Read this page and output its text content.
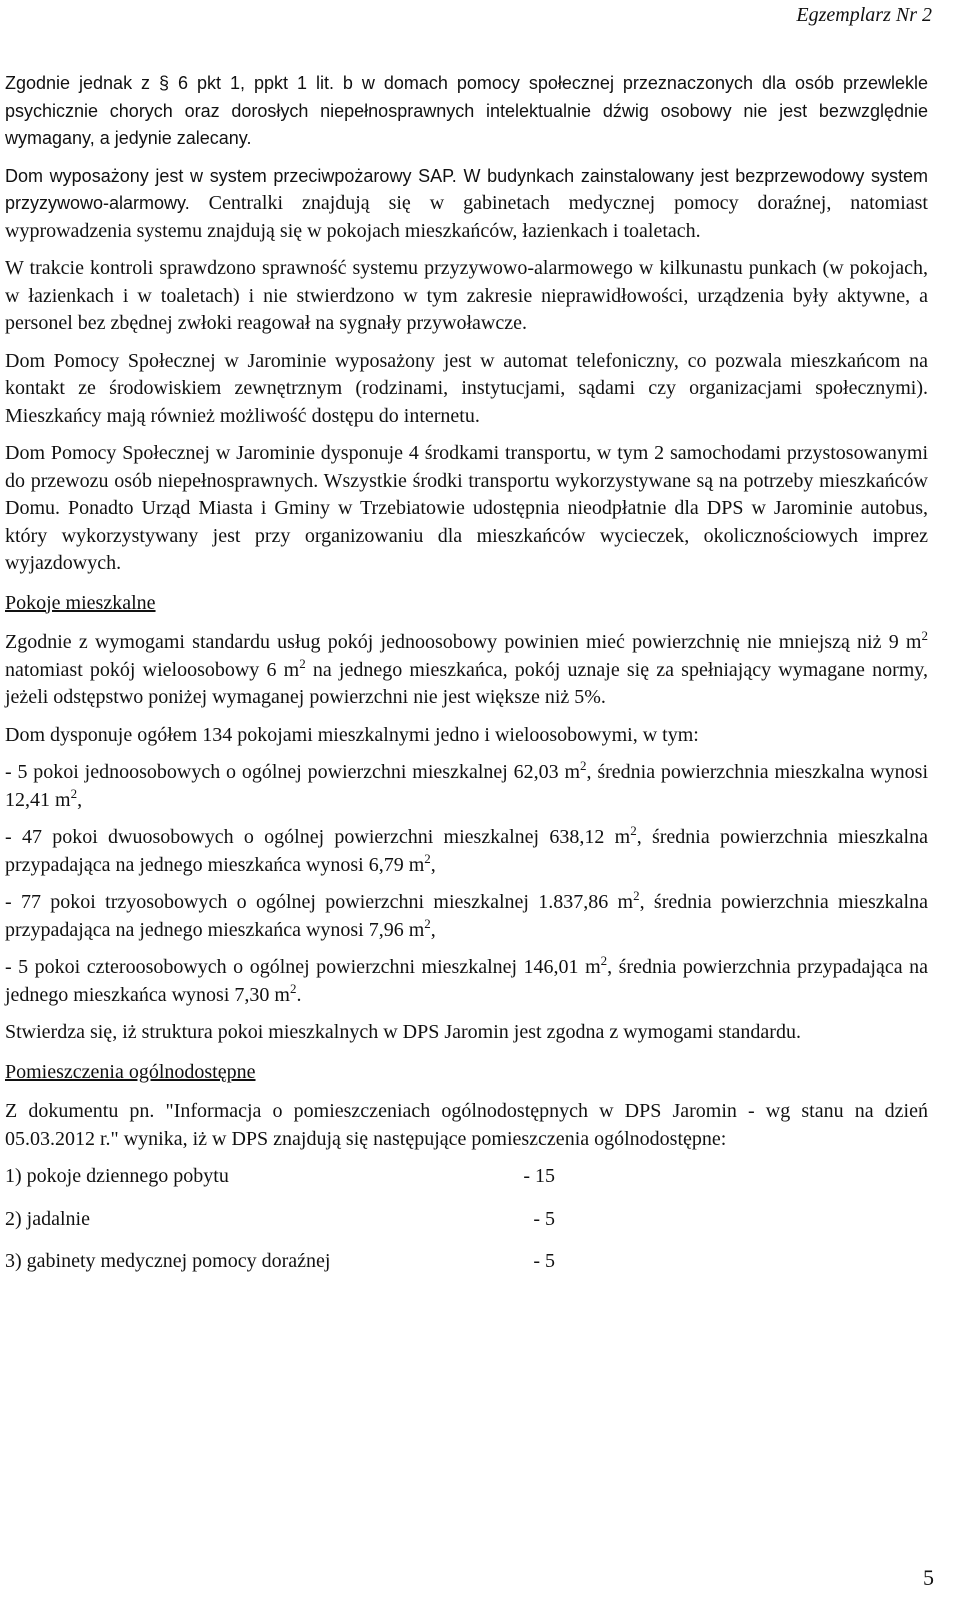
Egzemplarz Nr 2

Zgodnie jednak z § 6 pkt 1, ppkt 1 lit. b w domach pomocy społecznej przeznaczonych dla osób przewlekle psychicznie chorych oraz dorosłych niepełnosprawnych intelektualnie dźwig osobowy nie jest bezwzględnie wymagany, a jedynie zalecany.

Dom wyposażony jest w system przeciwpożarowy SAP. W budynkach zainstalowany jest bezprzewodowy system przyzywowo-alarmowy. Centralki znajdują się w gabinetach medycznej pomocy doraźnej, natomiast wyprowadzenia systemu znajdują się w pokojach mieszkańców, łazienkach i toaletach.

W trakcie kontroli sprawdzono sprawność systemu przyzywowo-alarmowego w kilkunastu punkach (w pokojach, w łazienkach i w toaletach) i nie stwierdzono w tym zakresie nieprawidłowości, urządzenia były aktywne, a personel bez zbędnej zwłoki reagował na sygnały przywoławcze.

Dom Pomocy Społecznej w Jarominie wyposażony jest w automat telefoniczny, co pozwala mieszkańcom na kontakt ze środowiskiem zewnętrznym (rodzinami, instytucjami, sądami czy organizacjami społecznymi). Mieszkańcy mają również możliwość dostępu do internetu.

Dom Pomocy Społecznej w Jarominie dysponuje 4 środkami transportu, w tym 2 samochodami przystosowanymi do przewozu osób niepełnosprawnych. Wszystkie środki transportu wykorzystywane są na potrzeby mieszkańców Domu. Ponadto Urząd Miasta i Gminy w Trzebiatowie udostępnia nieodpłatnie dla DPS w Jarominie autobus, który wykorzystywany jest przy organizowaniu dla mieszkańców wycieczek, okolicznościowych imprez wyjazdowych.

Pokoje mieszkalne

Zgodnie z wymogami standardu usług pokój jednoosobowy powinien mieć powierzchnię nie mniejszą niż 9 $m^2$ natomiast pokój wieloosobowy 6 $m^2$ na jednego mieszkańca, pokój uznaje się za spełniający wymagane normy, jeżeli odstępstwo poniżej wymaganej powierzchni nie jest większe niż 5%.

Dom dysponuje ogółem 134 pokojami mieszkalnymi jedno i wieloosobowymi, w tym:

- 5 pokoi jednoosobowych o ogólnej powierzchni mieszkalnej 62,03 $m^2$, średnia powierzchnia mieszkalna wynosi 12,41 $m^2$,

- 47 pokoi dwuosobowych o ogólnej powierzchni mieszkalnej 638,12 $m^2$, średnia powierzchnia mieszkalna przypadająca na jednego mieszkańca wynosi 6,79 $m^2$,

- 77 pokoi trzyosobowych o ogólnej powierzchni mieszkalnej 1.837,86 $m^2$, średnia powierzchnia mieszkalna przypadająca na jednego mieszkańca wynosi 7,96 $m^2$,

- 5 pokoi czteroosobowych o ogólnej powierzchni mieszkalnej 146,01 $m^2$, średnia powierzchnia przypadająca na jednego mieszkańca wynosi 7,30 $m^2$.

Stwierdza się, iż struktura pokoi mieszkalnych w DPS Jaromin jest zgodna z wymogami standardu.

Pomieszczenia ogólnodostępne

Z dokumentu pn. "Informacja o pomieszczeniach ogólnodostępnych w DPS Jaromin - wg stanu na dzień 05.03.2012 r." wynika, iż w DPS znajdują się następujące pomieszczenia ogólnodostępne:

1) pokoje dziennego pobytu	- 15
2) jadalnie	- 5
3) gabinety medycznej pomocy doraźnej	- 5
5
